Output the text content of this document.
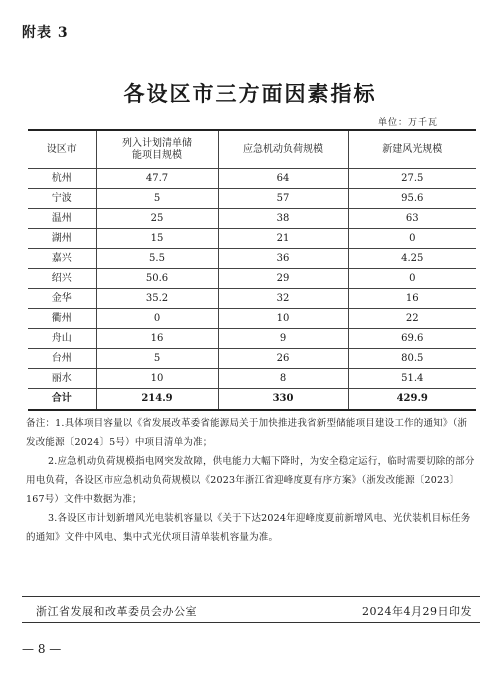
附表 3
各设区市三方面因素指标
单位：万千瓦
设区市	列入计划清单储能项目规模	应急机动负荷规模	新建风光规模
杭州	47.7	64	27.5
宁波	5	57	95.6
温州	25	38	63
湖州	15	21	0
嘉兴	5.5	36	4.25
绍兴	50.6	29	0
金华	35.2	32	16
衢州	0	10	22
舟山	16	9	69.6
台州	5	26	80.5
丽水	10	8	51.4
合计	214.9	330	429.9

备注：1.具体项目容量以《省发展改革委省能源局关于加快推进我省新型储能项目建设工作的通知》（浙发改能源〔2024〕5号）中项目清单为准；

2.应急机动负荷规模指电网突发故障，供电能力大幅下降时，为安全稳定运行，临时需要切除的部分用电负荷，各设区市应急机动负荷规模以《2023年浙江省迎峰度夏有序方案》（浙发改能源〔2023〕167号）文件中数据为准；

3.各设区市计划新增风光电装机容量以《关于下达2024年迎峰度夏前新增风电、光伏装机目标任务的通知》文件中风电、集中式光伏项目清单装机容量为准。

浙江省发展和改革委员会办公室	2024年4月29日印发
— 8 —
